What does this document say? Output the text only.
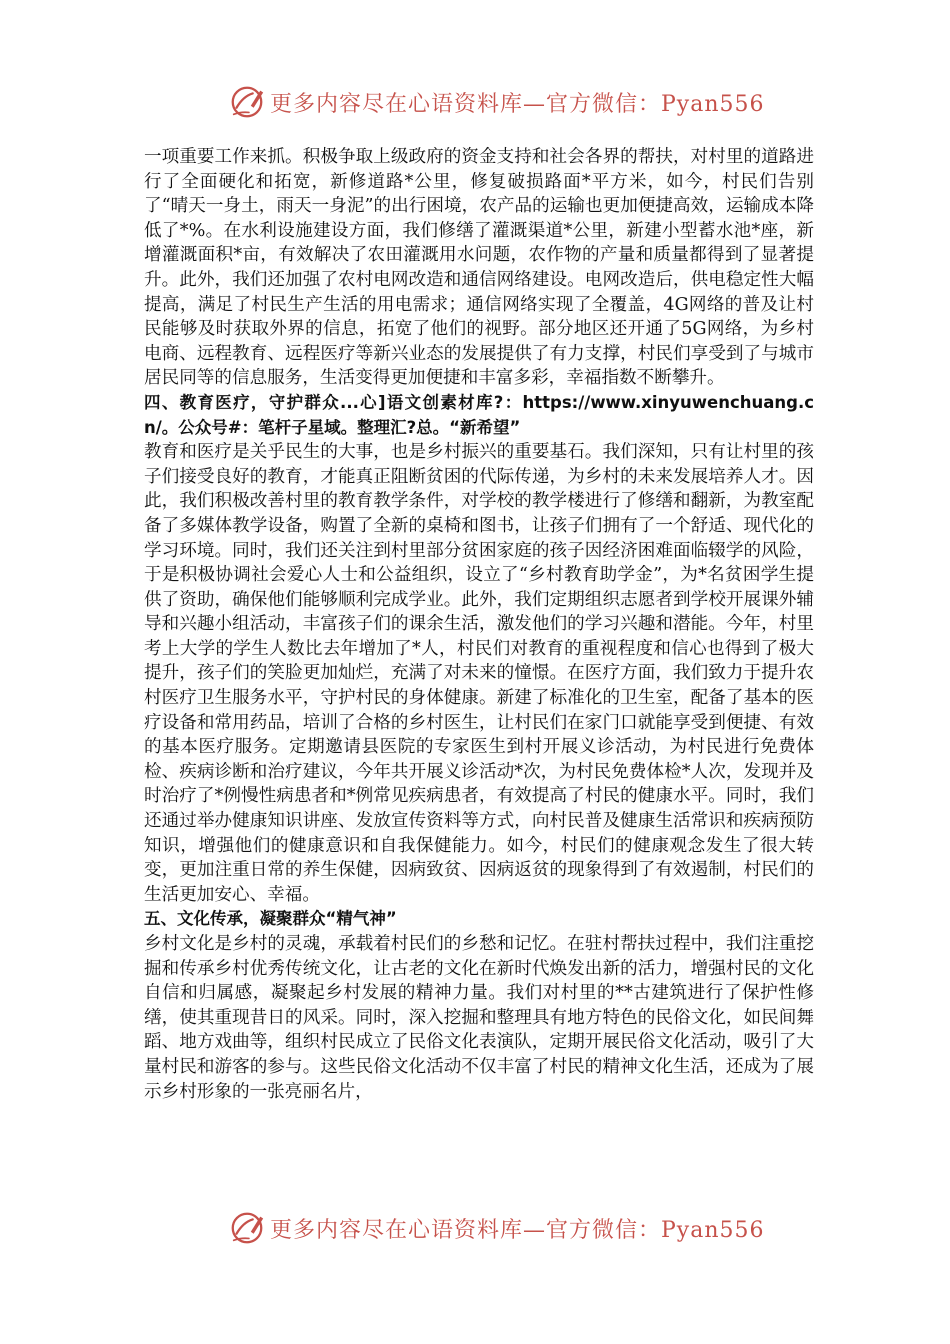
更多内容尽在心语资料库—官方微信：Pyan556

一项重要工作来抓。积极争取上级政府的资金支持和社会各界的帮扶，对村里的道路进行了全面硬化和拓宽，新修道路*公里，修复破损路面*平方米，如今，村民们告别了“晴天一身土，雨天一身泥”的出行困境，农产品的运输也更加便捷高效，运输成本降低了*%。在水利设施建设方面，我们修缮了灌溉渠道*公里，新建小型蓄水池*座，新增灌溉面积*亩，有效解决了农田灌溉用水问题，农作物的产量和质量都得到了显著提升。此外，我们还加强了农村电网改造和通信网络建设。电网改造后，供电稳定性大幅提高，满足了村民生产生活的用电需求；通信网络实现了全覆盖，4G网络的普及让村民能够及时获取外界的信息，拓宽了他们的视野。部分地区还开通了5G网络，为乡村电商、远程教育、远程医疗等新兴业态的发展提供了有力支撑，村民们享受到了与城市居民同等的信息服务，生活变得更加便捷和丰富多彩，幸福指数不断攀升。

四、教育医疗，守护群众...心]语文创素材库?：https://www.xinyuwenchuang.cn/。公众号#：笔杆子星域。整理汇?总。“新希望”

教育和医疗是关乎民生的大事，也是乡村振兴的重要基石。我们深知，只有让村里的孩子们接受良好的教育，才能真正阻断贫困的代际传递，为乡村的未来发展培养人才。因此，我们积极改善村里的教育教学条件，对学校的教学楼进行了修缮和翻新，为教室配备了多媒体教学设备，购置了全新的桌椅和图书，让孩子们拥有了一个舒适、现代化的学习环境。同时，我们还关注到村里部分贫困家庭的孩子因经济困难面临辍学的风险，于是积极协调社会爱心人士和公益组织，设立了“乡村教育助学金”，为*名贫困学生提供了资助，确保他们能够顺利完成学业。此外，我们定期组织志愿者到学校开展课外辅导和兴趣小组活动，丰富孩子们的课余生活，激发他们的学习兴趣和潜能。今年，村里考上大学的学生人数比去年增加了*人，村民们对教育的重视程度和信心也得到了极大提升，孩子们的笑脸更加灿烂，充满了对未来的憧憬。在医疗方面，我们致力于提升农村医疗卫生服务水平，守护村民的身体健康。新建了标准化的卫生室，配备了基本的医疗设备和常用药品，培训了合格的乡村医生，让村民们在家门口就能享受到便捷、有效的基本医疗服务。定期邀请县医院的专家医生到村开展义诊活动，为村民进行免费体检、疾病诊断和治疗建议，今年共开展义诊活动*次，为村民免费体检*人次，发现并及时治疗了*例慢性病患者和*例常见疾病患者，有效提高了村民的健康水平。同时，我们还通过举办健康知识讲座、发放宣传资料等方式，向村民普及健康生活常识和疾病预防知识，增强他们的健康意识和自我保健能力。如今，村民们的健康观念发生了很大转变，更加注重日常的养生保健，因病致贫、因病返贫的现象得到了有效遏制，村民们的生活更加安心、幸福。

五、文化传承，凝聚群众“精气神”

乡村文化是乡村的灵魂，承载着村民们的乡愁和记忆。在驻村帮扶过程中，我们注重挖掘和传承乡村优秀传统文化，让古老的文化在新时代焕发出新的活力，增强村民的文化自信和归属感，凝聚起乡村发展的精神力量。我们对村里的**古建筑进行了保护性修缮，使其重现昔日的风采。同时，深入挖掘和整理具有地方特色的民俗文化，如民间舞蹈、地方戏曲等，组织村民成立了民俗文化表演队，定期开展民俗文化活动，吸引了大量村民和游客的参与。这些民俗文化活动不仅丰富了村民的精神文化生活，还成为了展示乡村形象的一张亮丽名片，

更多内容尽在心语资料库—官方微信：Pyan556
